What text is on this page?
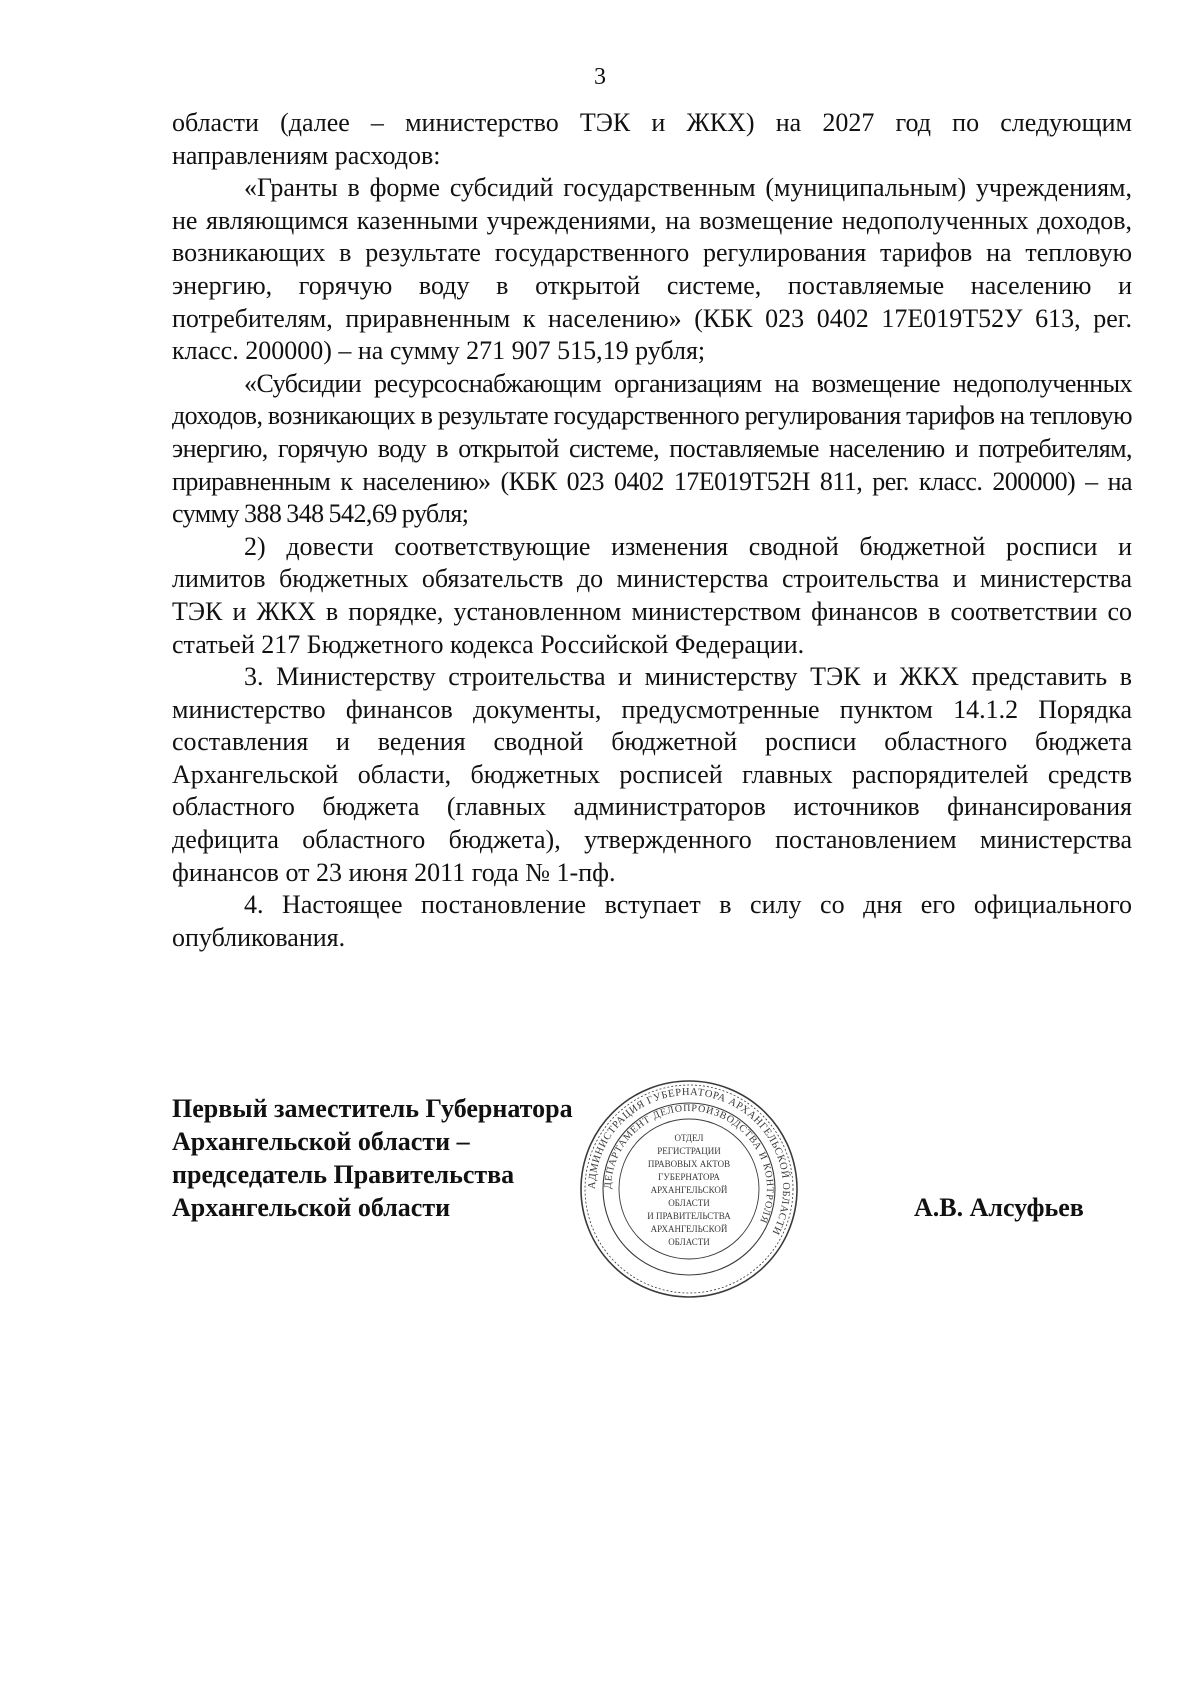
3

области (далее – министерство ТЭК и ЖКХ) на 2027 год по следующим направлениям расходов:

«Гранты в форме субсидий государственным (муниципальным) учреждениям, не являющимся казенными учреждениями, на возмещение недополученных доходов, возникающих в результате государственного регулирования тарифов на тепловую энергию, горячую воду в открытой системе, поставляемые населению и потребителям, приравненным к населению» (КБК 023 0402 17Е019Т52У 613, рег. класс. 200000) – на сумму 271 907 515,19 рубля;

«Субсидии ресурсоснабжающим организациям на возмещение недополученных доходов, возникающих в результате государственного регулирования тарифов на тепловую энергию, горячую воду в открытой системе, поставляемые населению и потребителям, приравненным к населению» (КБК 023 0402 17Е019Т52Н 811, рег. класс. 200000) – на сумму 388 348 542,69 рубля;

2) довести соответствующие изменения сводной бюджетной росписи и лимитов бюджетных обязательств до министерства строительства и министерства ТЭК и ЖКХ в порядке, установленном министерством финансов в соответствии со статьей 217 Бюджетного кодекса Российской Федерации.

3. Министерству строительства и министерству ТЭК и ЖКХ представить в министерство финансов документы, предусмотренные пунктом 14.1.2 Порядка составления и ведения сводной бюджетной росписи областного бюджета Архангельской области, бюджетных росписей главных распорядителей средств областного бюджета (главных администраторов источников финансирования дефицита областного бюджета), утвержденного постановлением министерства финансов от 23 июня 2011 года № 1-пф.

4. Настоящее постановление вступает в силу со дня его официального опубликования.

Первый заместитель Губернатора
Архангельской области –
председатель Правительства
Архангельской области	А.В. Алсуфьев
АДМИНИСТРАЦИЯ ГУБЕРНАТОРА АРХАНГЕЛЬСКОЙ ОБЛАСТИ
ДЕПАРТАМЕНТ ДЕЛОПРОИЗВОДСТВА И КОНТРОЛЯ
ОТДЕЛ
РЕГИСТРАЦИИ
ПРАВОВЫХ АКТОВ
ГУБЕРНАТОРА
АРХАНГЕЛЬСКОЙ
ОБЛАСТИ
И ПРАВИТЕЛЬСТВА
АРХАНГЕЛЬСКОЙ
ОБЛАСТИ
